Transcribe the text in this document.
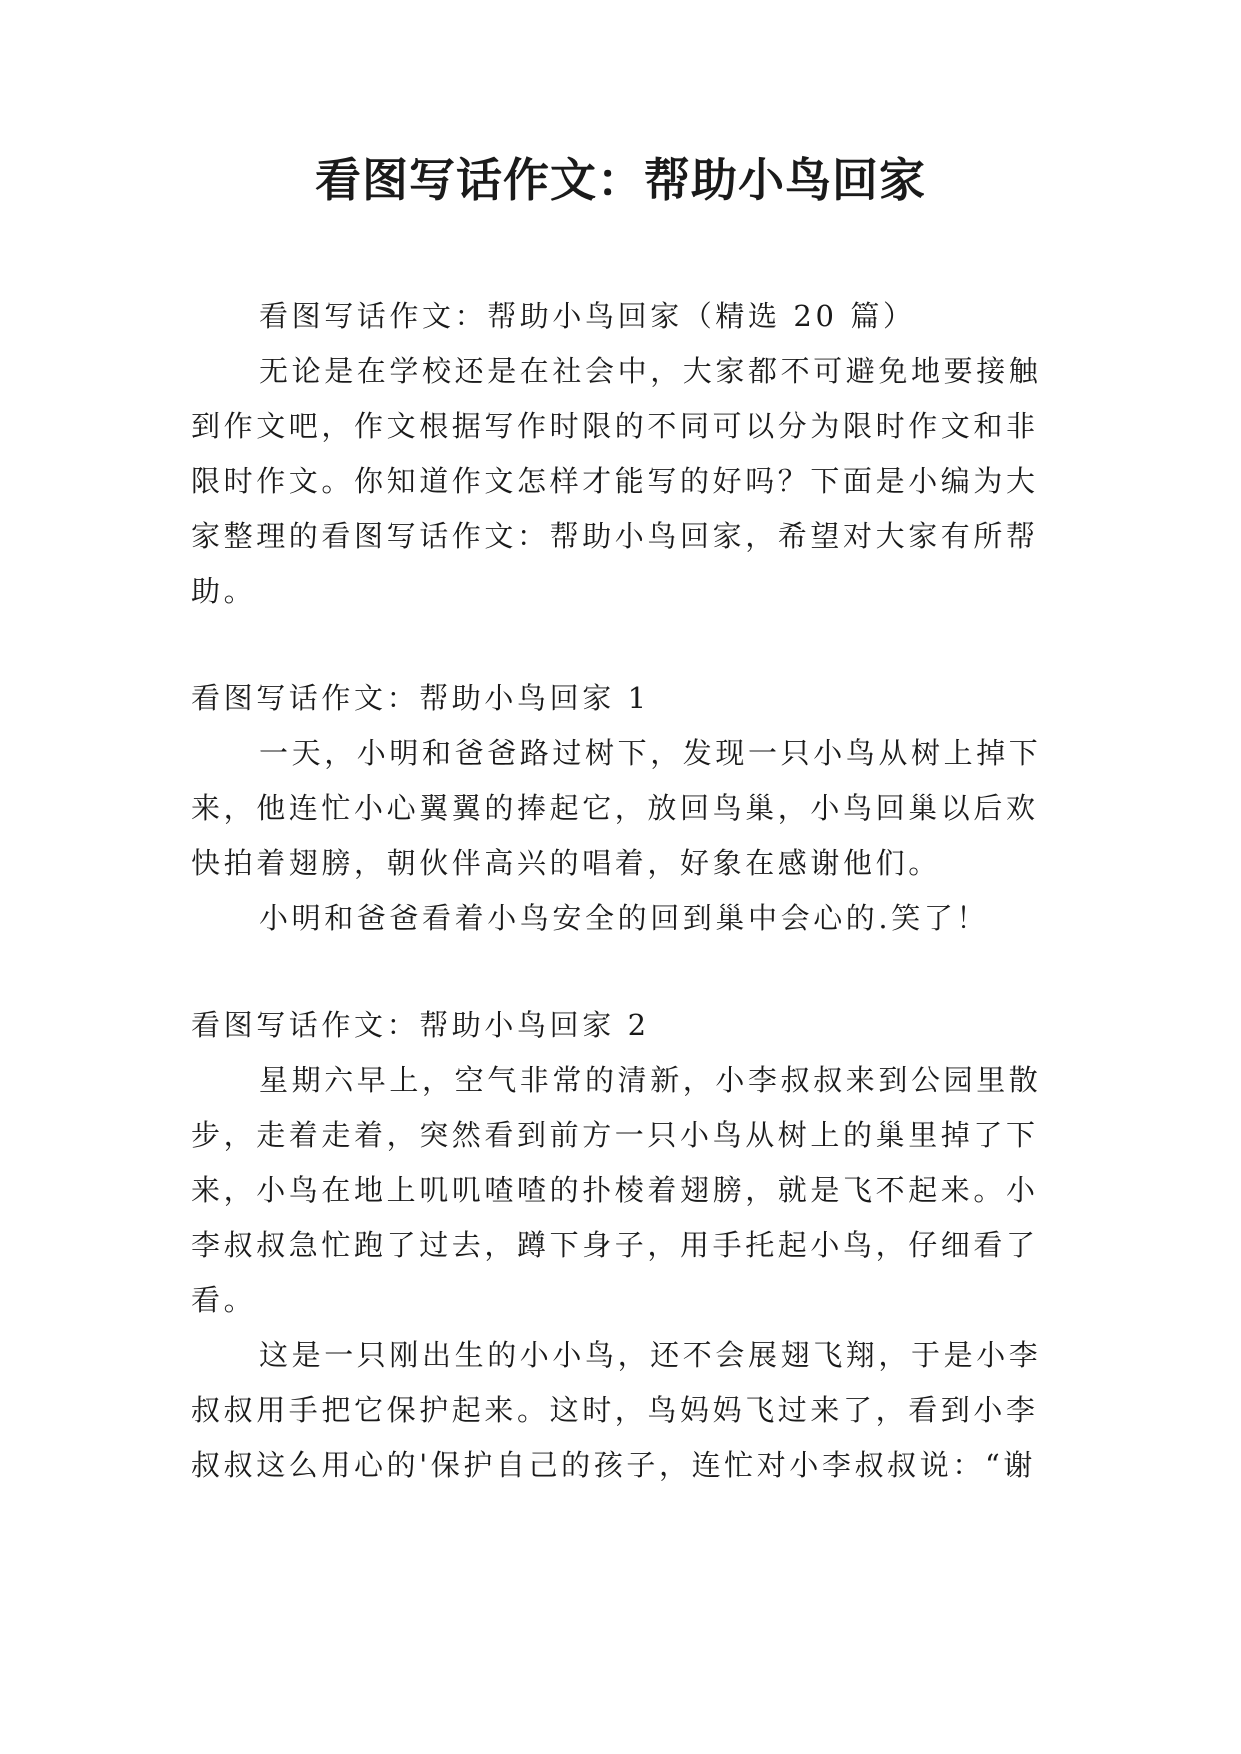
看图写话作文：帮助小鸟回家

看图写话作文：帮助小鸟回家（精选 20 篇）

无论是在学校还是在社会中，大家都不可避免地要接触到作文吧，作文根据写作时限的不同可以分为限时作文和非限时作文。你知道作文怎样才能写的好吗？下面是小编为大家整理的看图写话作文：帮助小鸟回家，希望对大家有所帮助。

看图写话作文：帮助小鸟回家 1

一天，小明和爸爸路过树下，发现一只小鸟从树上掉下来，他连忙小心翼翼的捧起它，放回鸟巢，小鸟回巢以后欢快拍着翅膀，朝伙伴高兴的唱着，好象在感谢他们。

小明和爸爸看着小鸟安全的回到巢中会心的.笑了！

看图写话作文：帮助小鸟回家 2

星期六早上，空气非常的清新，小李叔叔来到公园里散步，走着走着，突然看到前方一只小鸟从树上的巢里掉了下来，小鸟在地上叽叽喳喳的扑棱着翅膀，就是飞不起来。小李叔叔急忙跑了过去，蹲下身子，用手托起小鸟，仔细看了看。

这是一只刚出生的小小鸟，还不会展翅飞翔，于是小李叔叔用手把它保护起来。这时，鸟妈妈飞过来了，看到小李叔叔这么用心的'保护自己的孩子，连忙对小李叔叔说：“谢
